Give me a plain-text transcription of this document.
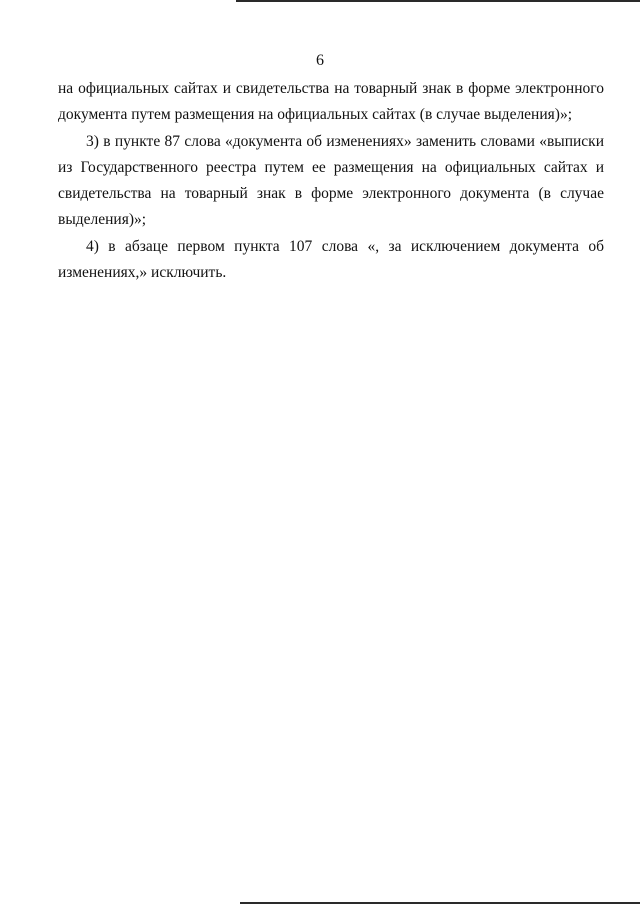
6

на официальных сайтах и свидетельства на товарный знак в форме электронного документа путем размещения на официальных сайтах (в случае выделения)»;

3) в пункте 87 слова «документа об изменениях» заменить словами «выписки из Государственного реестра путем ее размещения на официальных сайтах и свидетельства на товарный знак в форме электронного документа (в случае выделения)»;

4) в абзаце первом пункта 107 слова «, за исключением документа об изменениях,» исключить.
